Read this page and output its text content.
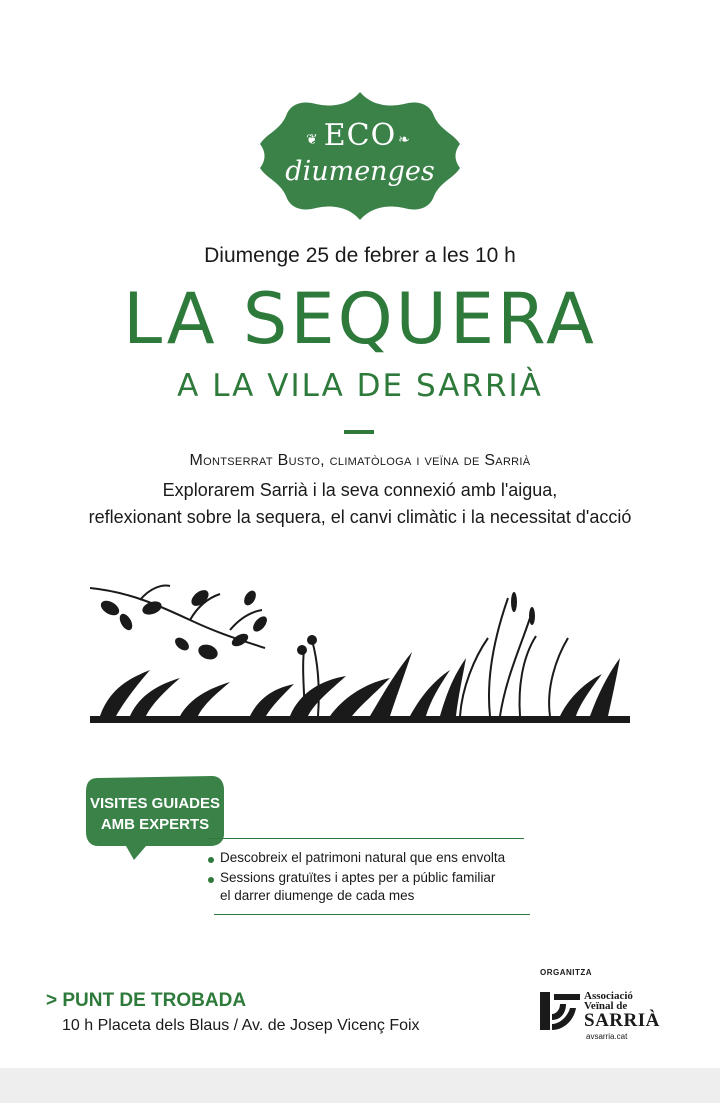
❦	❧
ECO
diumenges
Diumenge 25 de febrer a les 10 h
LA SEQUERA
A LA VILA DE SARRIÀ
Montserrat Busto, climatòloga i veïna de Sarrià
Explorarem Sarrià i la seva connexió amb l'aigua,
reflexionant sobre la sequera, el canvi climàtic i la necessitat d'acció
VISITES GUIADES
AMB EXPERTS
Descobreix el patrimoni natural que ens envolta
Sessions gratuïtes i aptes per a públic familiar
el darrer diumenge de cada mes
> PUNT DE TROBADA
10 h Placeta dels Blaus / Av. de Josep Vicenç Foix
ORGANITZA
Associació
Veïnal de
SARRIÀ
avsarria.cat
